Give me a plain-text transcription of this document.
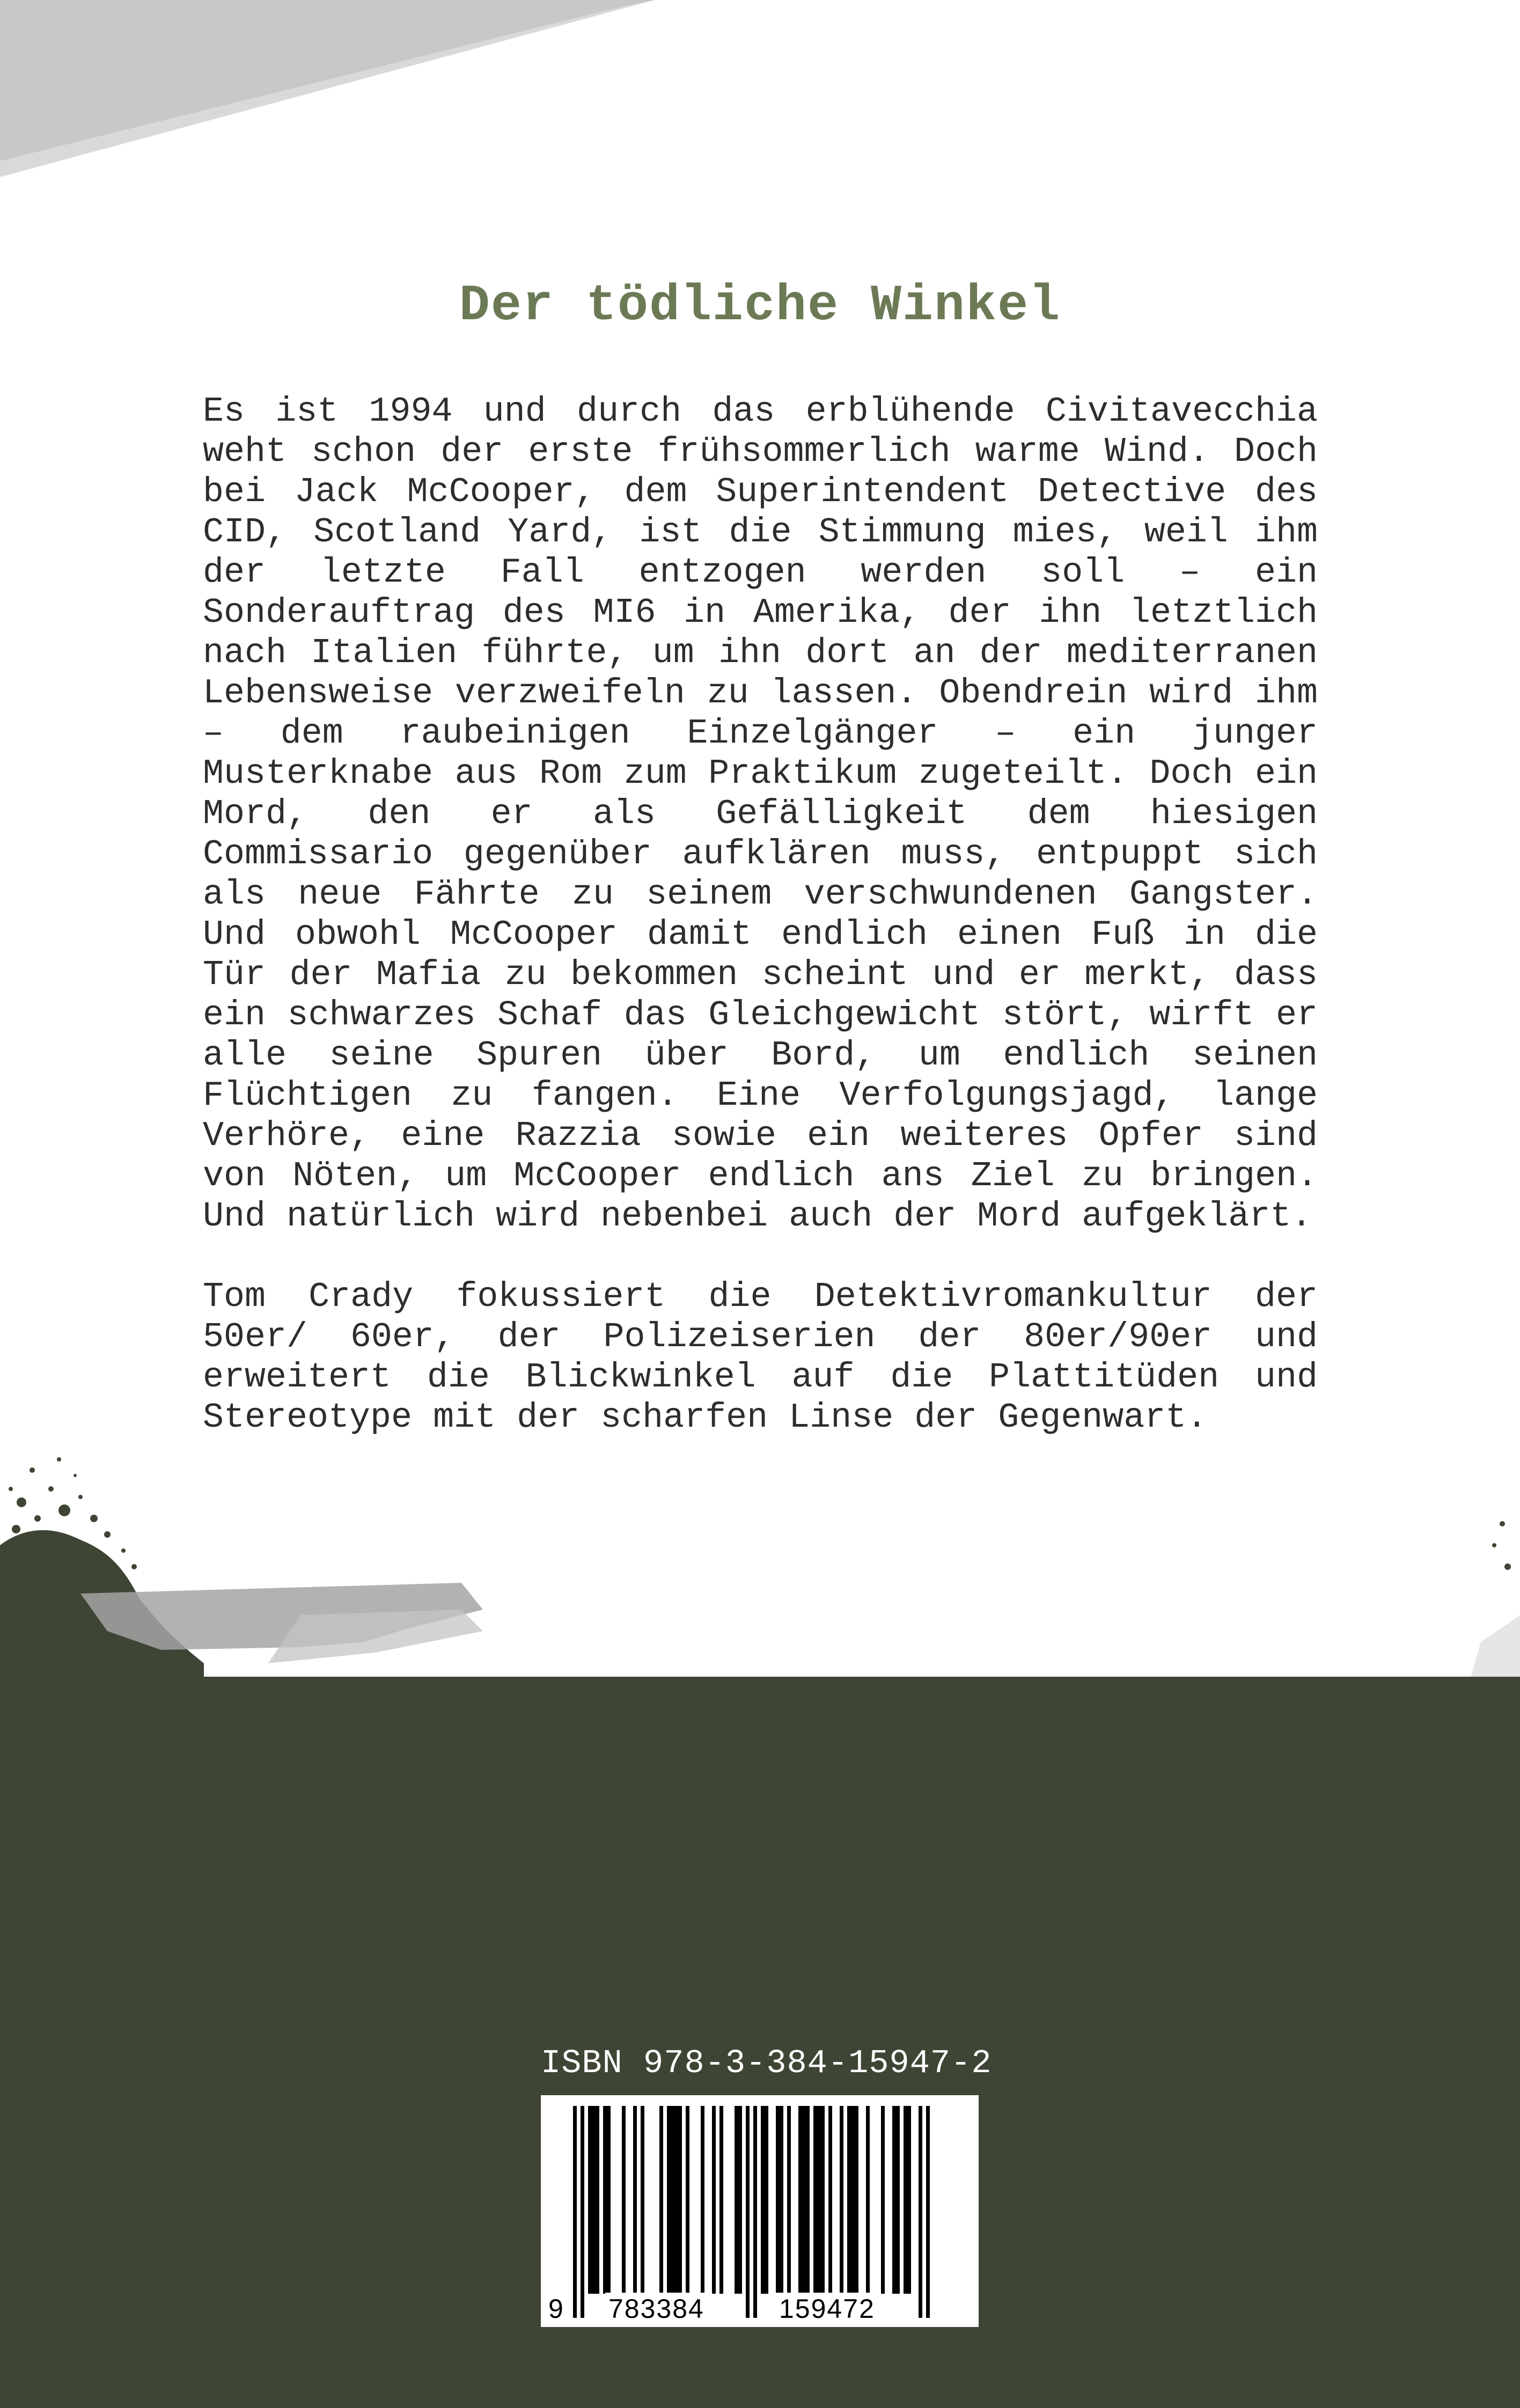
Der tödliche Winkel

Es ist 1994 und durch das erblühende Civitavecchia weht schon der erste frühsommerlich warme Wind. Doch bei Jack McCooper, dem Superintendent Detective des CID, Scotland Yard, ist die Stimmung mies, weil ihm der letzte Fall entzogen werden soll – ein Sonderauftrag des MI6 in Amerika, der ihn letztlich nach Italien führte, um ihn dort an der mediterranen Lebensweise verzweifeln zu lassen. Obendrein wird ihm – dem raubeinigen Einzelgänger – ein junger Musterknabe aus Rom zum Praktikum zugeteilt. Doch ein Mord, den er als Gefälligkeit dem hiesigen Commissario gegenüber aufklären muss, entpuppt sich als neue Fährte zu seinem verschwundenen Gangster. Und obwohl McCooper damit endlich einen Fuß in die Tür der Mafia zu bekommen scheint und er merkt, dass ein schwarzes Schaf das Gleichgewicht stört, wirft er alle seine Spuren über Bord, um endlich seinen Flüchtigen zu fangen. Eine Verfolgungsjagd, lange Verhöre, eine Razzia sowie ein weiteres Opfer sind von Nöten, um McCooper endlich ans Ziel zu bringen. Und natürlich wird nebenbei auch der Mord aufgeklärt.

Tom Crady fokussiert die Detektivromankultur der 50er/ 60er, der Polizeiserien der 80er/90er und erweitert die Blickwinkel auf die Plattitüden und Stereotype mit der scharfen Linse der Gegenwart.

ISBN 978-3-384-15947-2
9 783384	159472
